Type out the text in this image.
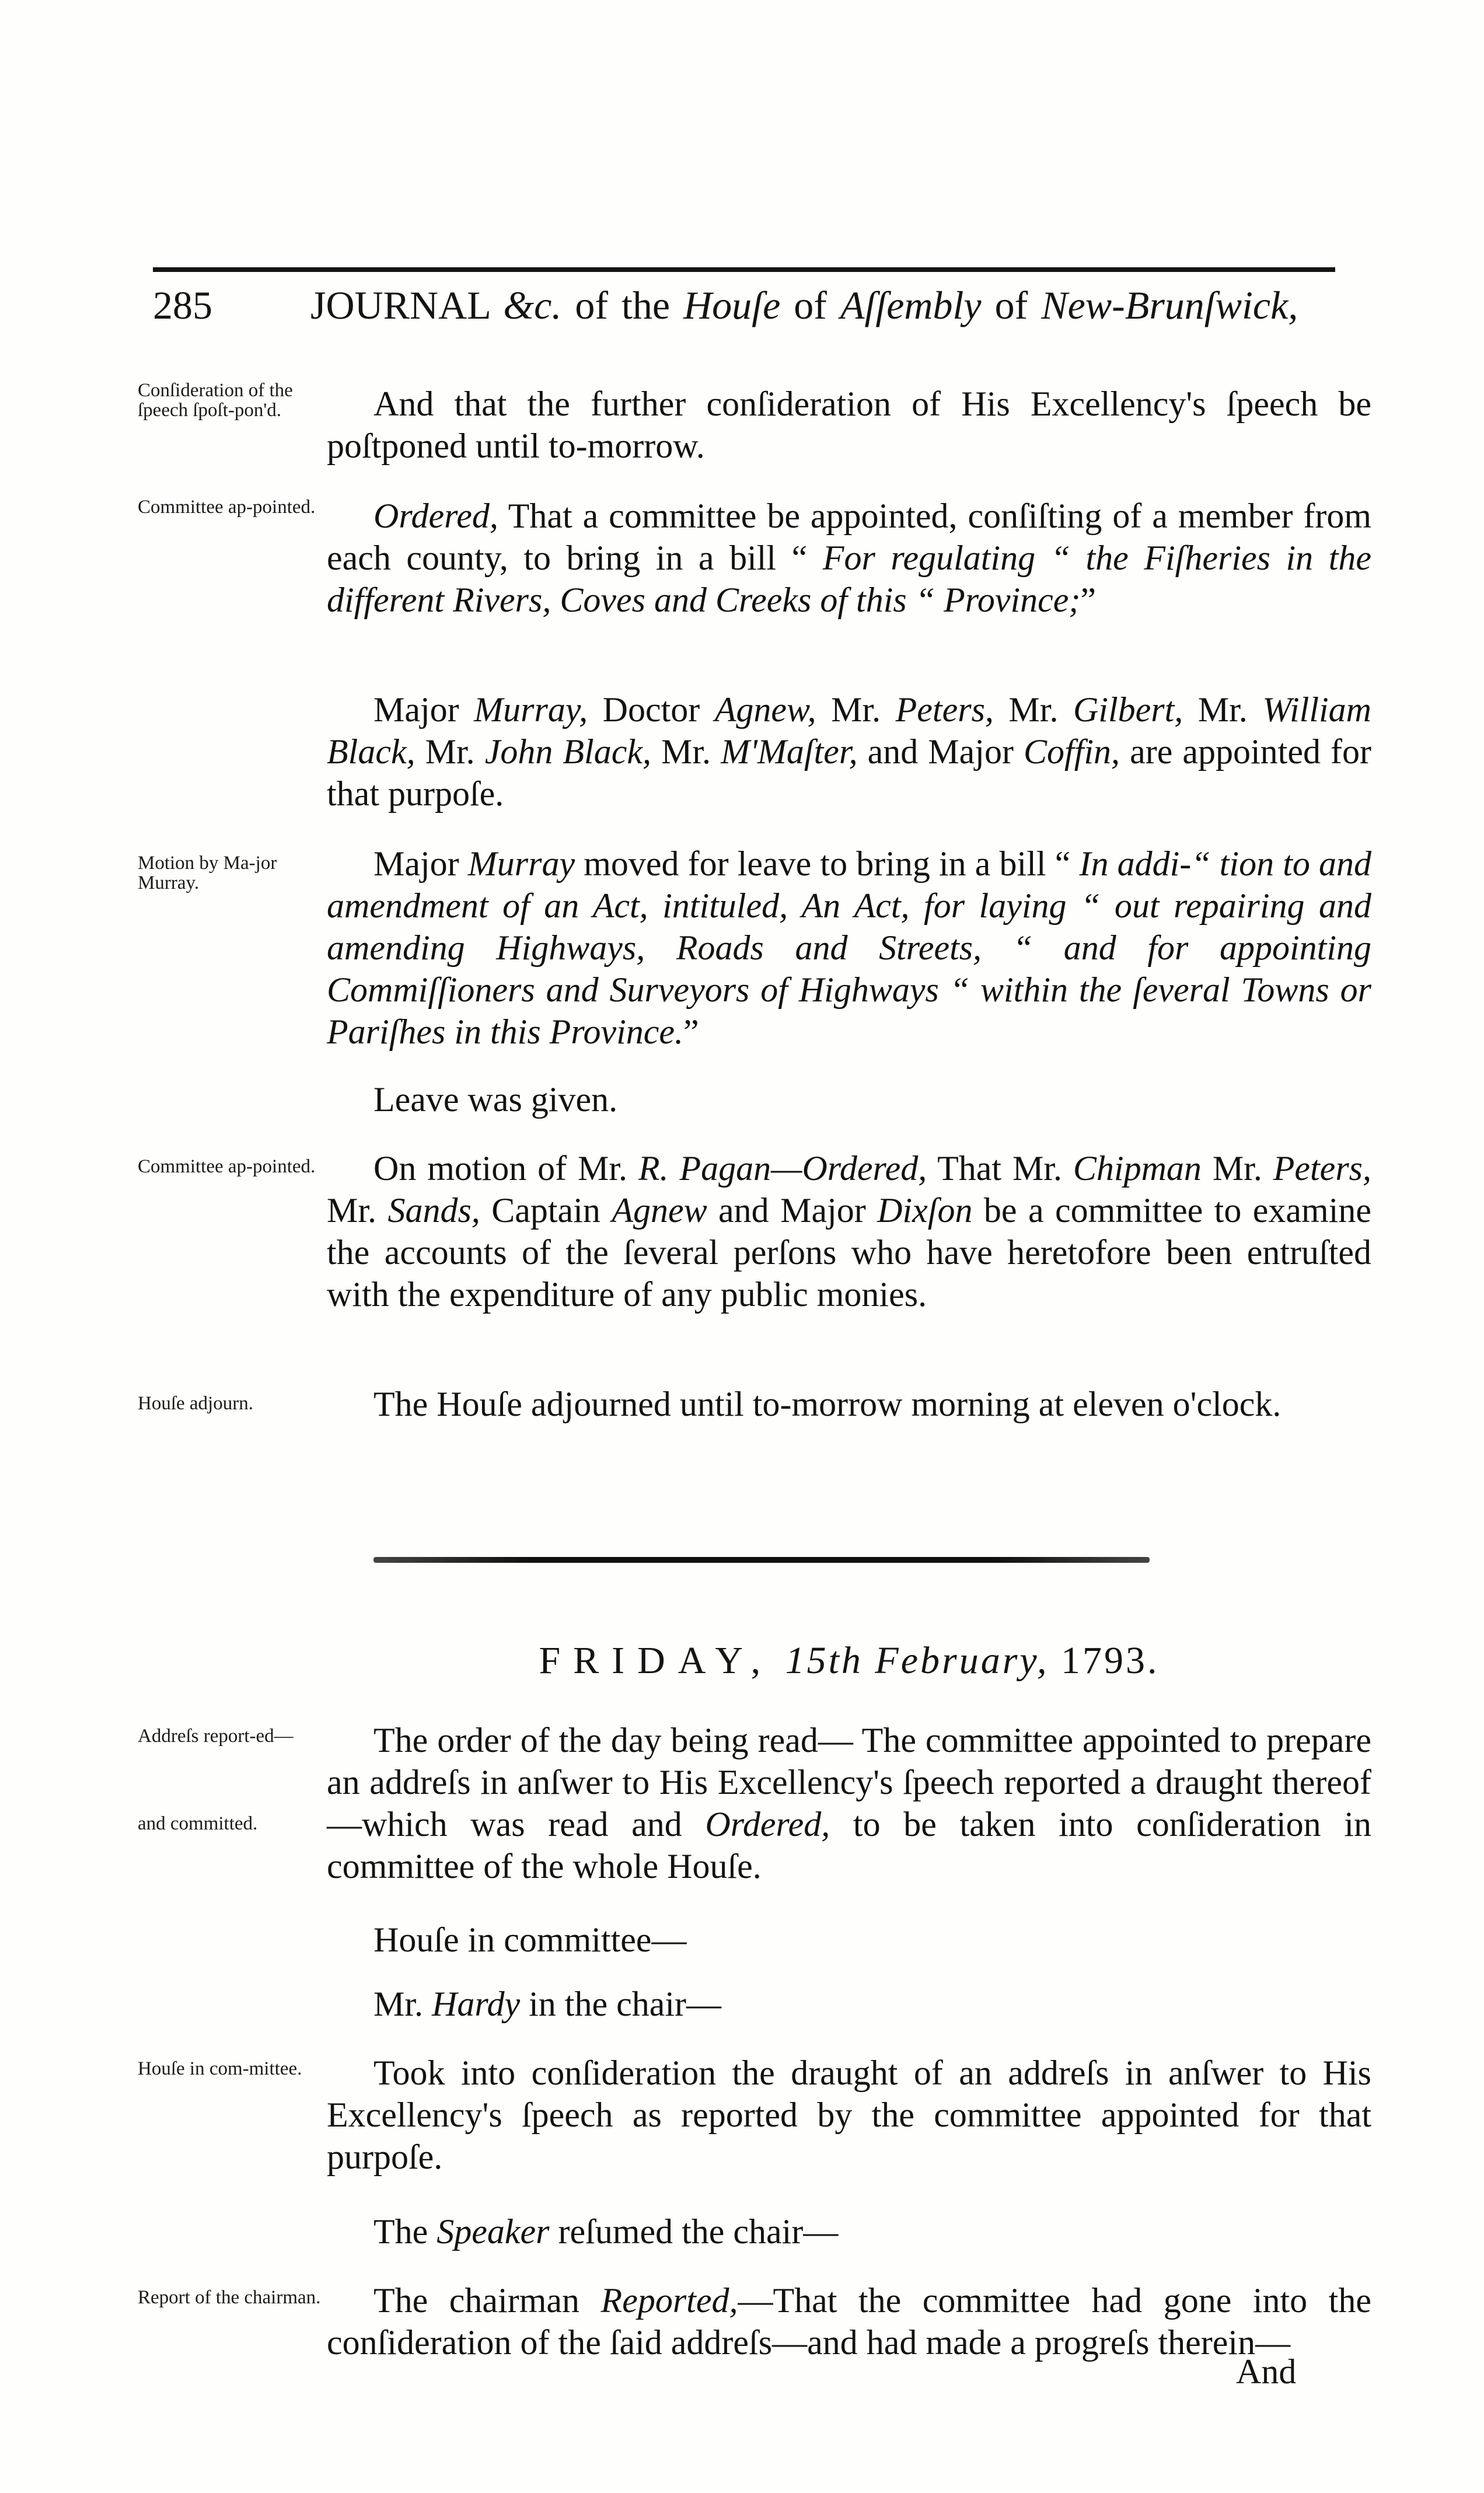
285 JOURNAL &c. of the Houſe of Aſſembly of New-Brunſwick,
Conſideration of the ſpeech ſpoſt-pon'd.
Committee ap-pointed.
Motion by Ma-jor Murray.
Committee ap-pointed.
Houſe adjourn.
Addreſs report-ed—
and committed.
Houſe in com-mittee.
Report of the chairman.
And that the further conſideration of His Excellency's ſpeech be poſtponed until to-morrow.
Ordered, That a committee be appointed, conſiſting of a member from each county, to bring in a bill “ For regulating “ the Fiſheries in the different Rivers, Coves and Creeks of this “ Province;”
Major Murray, Doctor Agnew, Mr. Peters, Mr. Gilbert, Mr. William Black, Mr. John Black, Mr. M'Maſter, and Major Coffin, are appointed for that purpoſe.
Major Murray moved for leave to bring in a bill “ In addi-“ tion to and amendment of an Act, intituled, An Act, for laying “ out repairing and amending Highways, Roads and Streets, “ and for appointing Commiſſioners and Surveyors of Highways “ within the ſeveral Towns or Pariſhes in this Province.”
Leave was given.
On motion of Mr. R. Pagan—Ordered, That Mr. Chipman Mr. Peters, Mr. Sands, Captain Agnew and Major Dixſon be a committee to examine the accounts of the ſeveral perſons who have heretofore been entruſted with the expenditure of any public monies.
The Houſe adjourned until to-morrow morning at eleven o'clock.
FRIDAY, 15th February, 1793.
The order of the day being read— The committee appointed to prepare an addreſs in anſwer to His Excellency's ſpeech reported a draught thereof—which was read and Ordered, to be taken into conſideration in committee of the whole Houſe.
Houſe in committee—
Mr. Hardy in the chair—
Took into conſideration the draught of an addreſs in anſwer to His Excellency's ſpeech as reported by the committee appointed for that purpoſe.
The Speaker reſumed the chair—
The chairman Reported,—That the committee had gone into the conſideration of the ſaid addreſs—and had made a progreſs therein—
And
